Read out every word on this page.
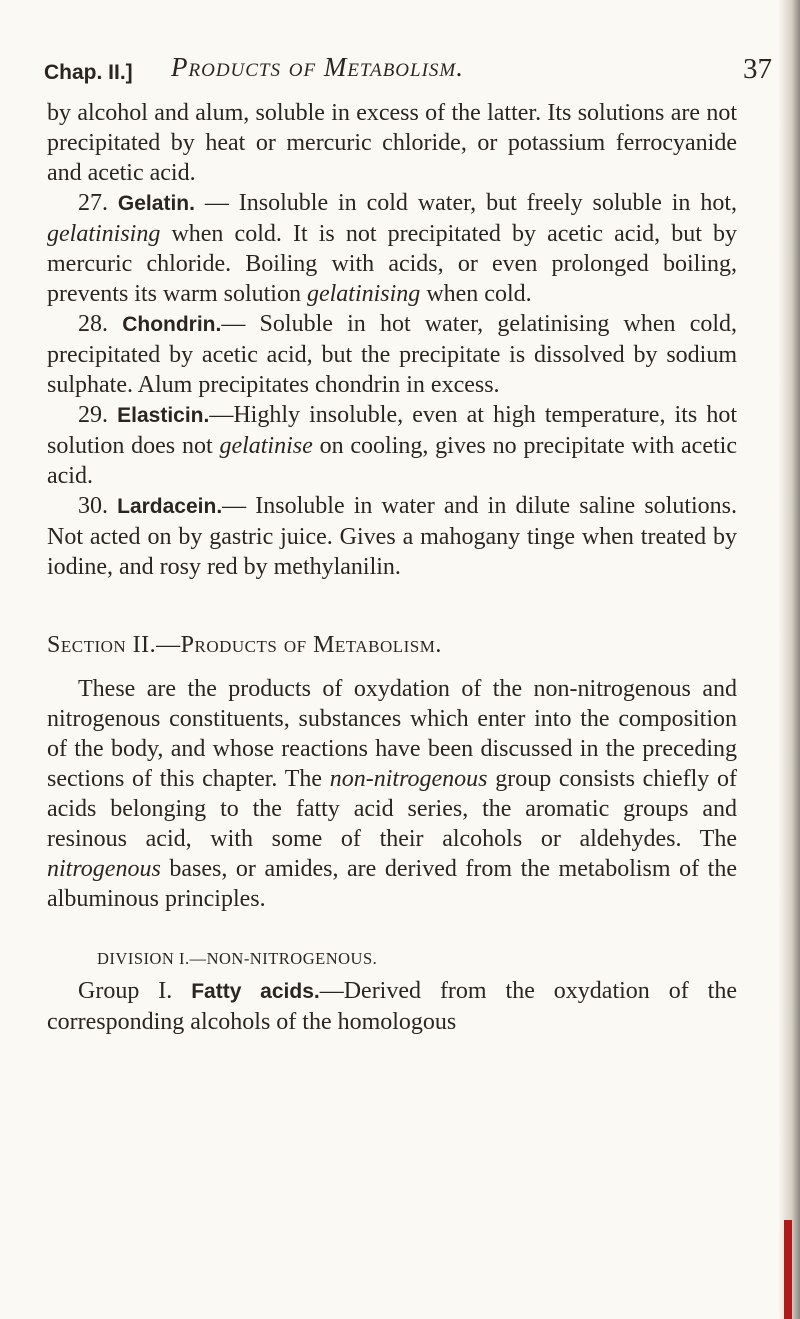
Chap. II.] Products of Metabolism.	37

by alcohol and alum, soluble in excess of the latter. Its solutions are not precipitated by heat or mercuric chloride, or potassium ferrocyanide and acetic acid.

27. Gelatin. — Insoluble in cold water, but freely soluble in hot, gelatinising when cold. It is not precipitated by acetic acid, but by mercuric chloride. Boiling with acids, or even prolonged boiling, prevents its warm solution gelatinising when cold.

28. Chondrin.— Soluble in hot water, gelatinising when cold, precipitated by acetic acid, but the precipitate is dissolved by sodium sulphate. Alum precipitates chondrin in excess.

29. Elasticin.—Highly insoluble, even at high temperature, its hot solution does not gelatinise on cooling, gives no precipitate with acetic acid.

30. Lardacein.— Insoluble in water and in dilute saline solutions. Not acted on by gastric juice. Gives a mahogany tinge when treated by iodine, and rosy red by methylanilin.

Section II.—Products of Metabolism.

These are the products of oxydation of the non-nitrogenous and nitrogenous constituents, substances which enter into the composition of the body, and whose reactions have been discussed in the preceding sections of this chapter. The non-nitrogenous group consists chiefly of acids belonging to the fatty acid series, the aromatic groups and resinous acid, with some of their alcohols or aldehydes. The nitrogenous bases, or amides, are derived from the metabolism of the albuminous principles.

DIVISION I.—NON-NITROGENOUS.

Group I. Fatty acids.—Derived from the oxydation of the corresponding alcohols of the homologous
